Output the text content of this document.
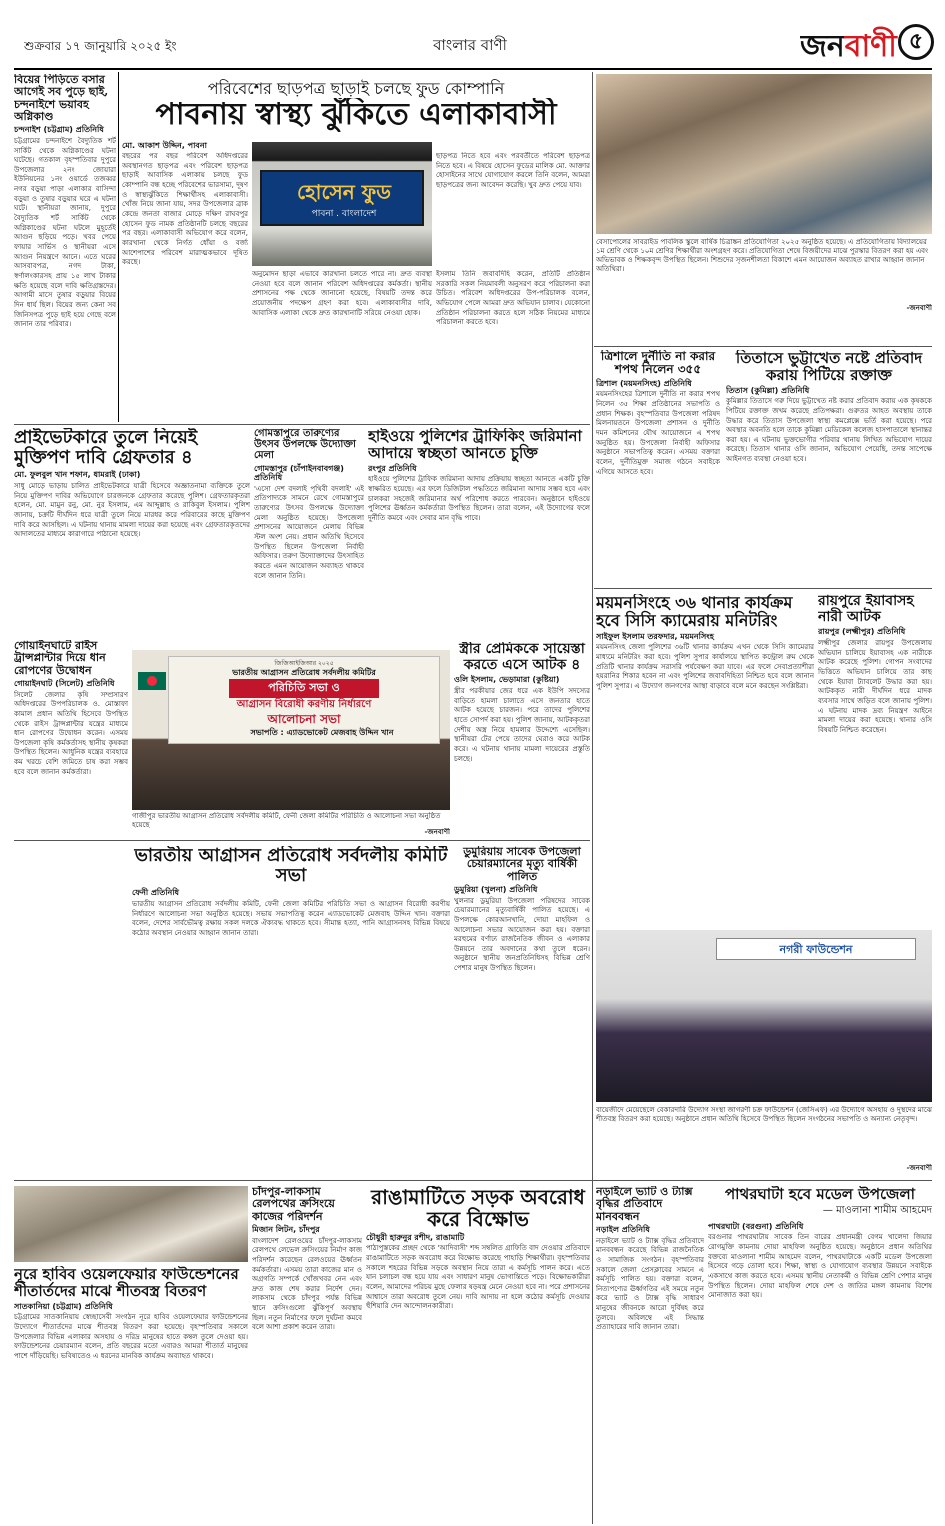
শুক্রবার ১৭ জানুয়ারি ২০২৫ ইং	বাংলার বাণী	জনবাণী ৫
বিয়ের পিঁড়িতে বসার আগেই সব পুড়ে ছাই, চন্দনাইশে ভয়াবহ অগ্নিকাণ্ড
চন্দনাইশ (চট্টগ্রাম) প্রতিনিধি
চট্টগ্রামের চন্দনাইশে বৈদ্যুতিক শর্ট সার্কিট থেকে অগ্নিকাণ্ডের ঘটনা ঘটেছে। গতকাল বৃহস্পতিবার দুপুরে উপজেলার ২নং জোয়ারা ইউনিয়নের ১নং ওয়ার্ডে তজব্বর নগর বড়ুয়া পাড়া এলাকার বাসিন্দা বড়ুয়া ও তুষার বড়ুয়ার ঘরে এ ঘটনা ঘটে। স্থানীয়রা জানায়, দুপুরে বৈদ্যুতিক শর্ট সার্কিট থেকে অগ্নিকাণ্ডের ঘটনা ঘটলে মুহূর্তেই আগুন ছড়িয়ে পড়ে। খবর পেয়ে ফায়ার সার্ভিস ও স্থানীয়রা এসে আগুন নিয়ন্ত্রণে আনে। এতে ঘরের আসবাবপত্র, নগদ টাকা, স্বর্ণালংকারসহ প্রায় ১৫ লাখ টাকার ক্ষতি হয়েছে বলে দাবি ক্ষতিগ্রস্তদের। আগামী মাসে তুষার বড়ুয়ার বিয়ের দিন ধার্য ছিল। বিয়ের জন্য কেনা সব জিনিসপত্র পুড়ে ছাই হয়ে গেছে বলে জানান তার পরিবার।
পরিবেশের ছাড়পত্র ছাড়াই চলছে ফুড কোম্পানি
পাবনায় স্বাস্থ্য ঝুঁকিতে এলাকাবাসী
মো. আকাশ উদ্দিন, পাবনা
বছরের পর বছর পরিবেশ অধিদপ্তরের অবস্থানগত ছাড়পত্র এবং পরিবেশ ছাড়পত্র ছাড়াই আবাসিক এলাকায় চলছে ফুড কোম্পানি বন্ধ হচ্ছে পরিবেশের ভারসাম্য, দূষণ ও স্বাস্থ্যঝুঁকিতে শিক্ষার্থীসহ এলাকাবাসী। খোঁজ নিয়ে জানা যায়, সদর উপজেলার ব্রাক কেন্দ্রে জনতা বাজার মোড়ে দক্ষিণ রাঘবপুর হোসেন ফুড নামক প্রতিষ্ঠানটি চলছে বছরের পর বছর। এলাকাবাসী অভিযোগ করে বলেন, কারখানা থেকে নির্গত ধোঁয়া ও বর্জ্য আশেপাশের পরিবেশ মারাত্মকভাবে দূষিত করছে।
হোসেন ফুড
পাবনা . বাংলাদেশ
ছাড়পত্র নিতে হবে এবং পরবর্তীতে পরিবেশ ছাড়পত্র নিতে হবে। এ বিষয়ে হোসেন ফুডের মালিক মো. আক্তার হোসাইনের সাথে যোগাযোগ করলে তিনি বলেন, আমরা ছাড়পত্রের জন্য আবেদন করেছি। খুব দ্রুত পেয়ে যাব।
অনুমোদন ছাড়া এভাবে কারখানা চলতে পারে না। দ্রুত ব্যবস্থা নেওয়া হবে বলে জানান পরিবেশ অধিদপ্তরের কর্মকর্তা। স্থানীয় প্রশাসনের পক্ষ থেকে জানানো হয়েছে, বিষয়টি তদন্ত করে প্রয়োজনীয় পদক্ষেপ গ্রহণ করা হবে। এলাকাবাসীর দাবি, আবাসিক এলাকা থেকে দ্রুত কারখানাটি সরিয়ে নেওয়া হোক।
ইসলাম তিনি জবাবদিহি করেন, প্রতিটি প্রতিষ্ঠান সরকারি সকল নিয়মাবলী অনুসরণ করে পরিচালনা করা উচিত। পরিবেশ অধিদপ্তরের উপ-পরিচালক বলেন, অভিযোগ পেলে আমরা দ্রুত অভিযান চালাব। যেকোনো প্রতিষ্ঠান পরিচালনা করতে হলে সঠিক নিয়মের মাধ্যমে পরিচালনা করতে হবে।
বেসাপোলের সাবরাইড পাবলিক স্কুলে বার্ষিক চিত্রাঙ্কন প্রতিযোগিতা ২০২৫ অনুষ্ঠিত হয়েছে। এ প্রতিযোগিতায় বিদ্যালয়ের ১ম শ্রেণি থেকে ১০ম শ্রেণির শিক্ষার্থীরা অংশগ্রহণ করে। প্রতিযোগিতা শেষে বিজয়ীদের মাঝে পুরস্কার বিতরণ করা হয় এবং অভিভাবক ও শিক্ষকবৃন্দ উপস্থিত ছিলেন। শিশুদের সৃজনশীলতা বিকাশে এমন আয়োজন অব্যাহত রাখার আহ্বান জানান অতিথিরা।
-জনবাণী
ত্রিশালে দুর্নীতি না করার শপথ নিলেন ৩৫৫
ত্রিশাল (ময়মনসিংহ) প্রতিনিধি
ময়মনসিংহের ত্রিশালে দুর্নীতি না করার শপথ নিলেন ৩৫ শিক্ষা প্রতিষ্ঠানের সভাপতি ও প্রধান শিক্ষক। বৃহস্পতিবার উপজেলা পরিষদ মিলনায়তনে উপজেলা প্রশাসন ও দুর্নীতি দমন কমিশনের যৌথ আয়োজনে এ শপথ অনুষ্ঠিত হয়। উপজেলা নির্বাহী অফিসার অনুষ্ঠানে সভাপতিত্ব করেন। এসময় বক্তারা বলেন, দুর্নীতিমুক্ত সমাজ গঠনে সবাইকে এগিয়ে আসতে হবে।
তিতাসে ভুট্টাখেত নষ্টে প্রতিবাদ করায় পিটিয়ে রক্তাক্ত
তিতাস (কুমিল্লা) প্রতিনিধি
কুমিল্লার তিতাসে গরু দিয়ে ভুট্টাখেত নষ্ট করার প্রতিবাদ করায় এক কৃষককে পিটিয়ে রক্তাক্ত জখম করেছে প্রতিপক্ষরা। গুরুতর আহত অবস্থায় তাকে উদ্ধার করে তিতাস উপজেলা স্বাস্থ্য কমপ্লেক্সে ভর্তি করা হয়েছে। পরে অবস্থার অবনতি হলে তাকে কুমিল্লা মেডিকেল কলেজ হাসপাতালে স্থানান্তর করা হয়। এ ঘটনায় ভুক্তভোগীর পরিবার থানায় লিখিত অভিযোগ দায়ের করেছে। তিতাস থানার ওসি জানান, অভিযোগ পেয়েছি, তদন্ত সাপেক্ষে আইনগত ব্যবস্থা নেওয়া হবে।
প্রাইভেটকারে তুলে নিয়েই মুক্তিপণ দাবি গ্রেফতার ৪
মো. ফুলবুল খান শফান, ধামরাই (ঢাকা)
সাধু মোড়ে ভাড়ায় চালিত প্রাইভেটকারে যাত্রী হিসেবে অজ্ঞাতনামা ব্যক্তিকে তুলে নিয়ে মুক্তিপণ দাবির অভিযোগে চারজনকে গ্রেফতার করেছে পুলিশ। গ্রেফতারকৃতরা হলেন, মো. মামুন রনু, মো. নুর ইসলাম, এম আব্দুল্লাহ ও রাকিবুল ইসলাম। পুলিশ জানায়, চক্রটি দীর্ঘদিন ধরে যাত্রী তুলে নিয়ে মারধর করে পরিবারের কাছে মুক্তিপণ দাবি করে আসছিল। এ ঘটনায় থানায় মামলা দায়ের করা হয়েছে এবং গ্রেফতারকৃতদের আদালতের মাধ্যমে কারাগারে পাঠানো হয়েছে।
গোমস্তাপুরে তারুণ্যের উৎসব উপলক্ষে উদ্যোক্তা মেলা
গোমস্তাপুর (চাঁপাইনবাবগঞ্জ) প্রতিনিধি
'এসো দেশ বদলাই পৃথিবী বদলাই' এই প্রতিপাদ্যকে সামনে রেখে গোমস্তাপুরে তারুণ্যের উৎসব উপলক্ষে উদ্যোক্তা মেলা অনুষ্ঠিত হয়েছে। উপজেলা প্রশাসনের আয়োজনে মেলায় বিভিন্ন স্টল অংশ নেয়। প্রধান অতিথি হিসেবে উপস্থিত ছিলেন উপজেলা নির্বাহী অফিসার। তরুণ উদ্যোক্তাদের উৎসাহিত করতে এমন আয়োজন অব্যাহত থাকবে বলে জানান তিনি।
হাইওয়ে পুলিশের ট্রাফিকিং জরিমানা আদায়ে স্বচ্ছতা আনতে চুক্তি
রংপুর প্রতিনিধি
হাইওয়ে পুলিশের ট্রাফিক জরিমানা আদায় প্রক্রিয়ায় স্বচ্ছতা আনতে একটি চুক্তি স্বাক্ষরিত হয়েছে। এর ফলে ডিজিটাল পদ্ধতিতে জরিমানা আদায় সম্ভব হবে এবং চালকরা সহজেই জরিমানার অর্থ পরিশোধ করতে পারবেন। অনুষ্ঠানে হাইওয়ে পুলিশের ঊর্ধ্বতন কর্মকর্তারা উপস্থিত ছিলেন। তারা বলেন, এই উদ্যোগের ফলে দুর্নীতি কমবে এবং সেবার মান বৃদ্ধি পাবে।
গোয়াইনঘাটে রাইস ট্রান্সপ্লান্টার দিয়ে ধান রোপণের উদ্বোধন
গোয়াইনঘাট (সিলেট) প্রতিনিধি
সিলেট জেলার কৃষি সম্প্রসারণ অধিদপ্তরের উপপরিচালক ও. মোস্তাফা কামাল প্রধান অতিথি হিসেবে উপস্থিত থেকে রাইস ট্রান্সপ্লান্টার যন্ত্রের মাধ্যমে ধান রোপণের উদ্বোধন করেন। এসময় উপজেলা কৃষি কর্মকর্তাসহ স্থানীয় কৃষকরা উপস্থিত ছিলেন। আধুনিক যন্ত্রের ব্যবহারে কম খরচে বেশি জমিতে চাষ করা সম্ভব হবে বলে জানান কর্মকর্তারা।
জিজিআইজিআর ২০২৫
ভারতীয় আগ্রাসন প্রতিরোধ সর্বদলীয় কমিটির
পরিচিতি সভা ও
আগ্রাসন বিরোধী করণীয় নির্ধারণে
আলোচনা সভা
সভাপতি : এ্যাডভোকেট মেজবাহ উদ্দিন খান
গাজীপুর ভারতীয় আগ্রাসন প্রতিরোধ সর্বদলীয় কমিটি, ফেনী জেলা কমিটির পরিচিতি ও আলোচনা সভা অনুষ্ঠিত হয়েছে
-জনবাণী
স্ত্রীর প্রেমিককে সায়েস্তা করতে এসে আটক ৪
ওলি ইসলাম, ভেড়ামারা (কুষ্টিয়া)
স্ত্রীর পরকীয়ার জের ধরে এক ইউপি সদস্যের বাড়িতে হামলা চালাতে এসে জনতার হাতে আটক হয়েছে চারজন। পরে তাদের পুলিশের হাতে সোপর্দ করা হয়। পুলিশ জানায়, আটককৃতরা দেশীয় অস্ত্র নিয়ে হামলার উদ্দেশ্যে এসেছিল। স্থানীয়রা টের পেয়ে তাদের ঘেরাও করে আটক করে। এ ঘটনায় থানায় মামলা দায়েরের প্রস্তুতি চলছে।
ময়মনসিংহে ৩৬ থানার কার্যক্রম হবে সিসি ক্যামেরায় মনিটরিং
সাইফুল ইসলাম তরফদার, ময়মনসিংহ
ময়মনসিংহ জেলা পুলিশের ৩৬টি থানার কার্যক্রম এখন থেকে সিসি ক্যামেরার মাধ্যমে মনিটরিং করা হবে। পুলিশ সুপার কার্যালয়ে স্থাপিত কন্ট্রোল রুম থেকে প্রতিটি থানার কার্যক্রম সরাসরি পর্যবেক্ষণ করা যাবে। এর ফলে সেবাপ্রত্যাশীরা হয়রানির শিকার হবেন না এবং পুলিশের জবাবদিহিতা নিশ্চিত হবে বলে জানান পুলিশ সুপার। এ উদ্যোগ জনগণের আস্থা বাড়াবে বলে মনে করছেন সংশ্লিষ্টরা।
রায়পুরে ইয়াবাসহ নারী আটক
রায়পুর (লক্ষ্মীপুর) প্রতিনিধি
লক্ষ্মীপুর জেলার রায়পুর উপজেলায় অভিযান চালিয়ে ইয়াবাসহ এক নারীকে আটক করেছে পুলিশ। গোপন সংবাদের ভিত্তিতে অভিযান চালিয়ে তার কাছ থেকে ইয়াবা ট্যাবলেট উদ্ধার করা হয়। আটককৃত নারী দীর্ঘদিন ধরে মাদক ব্যবসার সাথে জড়িত বলে জানায় পুলিশ। এ ঘটনায় মাদক দ্রব্য নিয়ন্ত্রণ আইনে মামলা দায়ের করা হয়েছে। থানার ওসি বিষয়টি নিশ্চিত করেছেন।
ভারতীয় আগ্রাসন প্রতিরোধ সর্বদলীয় কমিটি সভা
ফেনী প্রতিনিধি
ভারতীয় আগ্রাসন প্রতিরোধ সর্বদলীয় কমিটি, ফেনী জেলা কমিটির পরিচিতি সভা ও আগ্রাসন বিরোধী করণীয় নির্ধারণে আলোচনা সভা অনুষ্ঠিত হয়েছে। সভায় সভাপতিত্ব করেন এ্যাডভোকেট মেজবাহ উদ্দিন খান। বক্তারা বলেন, দেশের সার্বভৌমত্ব রক্ষায় সকল দলকে ঐক্যবদ্ধ থাকতে হবে। সীমান্ত হত্যা, পানি আগ্রাসনসহ বিভিন্ন বিষয়ে কঠোর অবস্থান নেওয়ার আহ্বান জানান তারা।
ডুমুরিয়ায় সাবেক উপজেলা চেয়ারম্যানের মৃত্যু বার্ষিকী পালিত
ডুমুরিয়া (খুলনা) প্রতিনিধি
খুলনার ডুমুরিয়া উপজেলা পরিষদের সাবেক চেয়ারম্যানের মৃত্যুবার্ষিকী পালিত হয়েছে। এ উপলক্ষে কোরআনখানি, দোয়া মাহফিল ও আলোচনা সভার আয়োজন করা হয়। বক্তারা মরহুমের বর্ণাঢ্য রাজনৈতিক জীবন ও এলাকার উন্নয়নে তার অবদানের কথা তুলে ধরেন। অনুষ্ঠানে স্থানীয় জনপ্রতিনিধিসহ বিভিন্ন শ্রেণি পেশার মানুষ উপস্থিত ছিলেন।
নগরী ফাউন্ডেশন
বায়েজীদে মেয়েছেলে বেকারদারি উদ্যোগ সংস্থা জাগরণী চক্র ফাউন্ডেশন (জেসিএফ) এর উদ্যোগে অসহায় ও দুস্থদের মাঝে শীতবস্ত্র বিতরণ করা হয়েছে। অনুষ্ঠানে প্রধান অতিথি হিসেবে উপস্থিত ছিলেন সংগঠনের সভাপতি ও অন্যান্য নেতৃবৃন্দ।
-জনবাণী
নূরে হাবিব ওয়েলফেয়ার ফাউন্ডেশনের শীতার্তদের মাঝে শীতবস্ত্র বিতরণ
সাতকানিয়া (চট্টগ্রাম) প্রতিনিধি
চট্টগ্রামের সাতকানিয়ায় স্বেচ্ছাসেবী সংগঠন নূরে হাবিব ওয়েলফেয়ার ফাউন্ডেশনের উদ্যোগে শীতার্তদের মাঝে শীতবস্ত্র বিতরণ করা হয়েছে। বৃহস্পতিবার সকালে উপজেলার বিভিন্ন এলাকার অসহায় ও দরিদ্র মানুষের হাতে কম্বল তুলে দেওয়া হয়। ফাউন্ডেশনের চেয়ারম্যান বলেন, প্রতি বছরের মতো এবারও আমরা শীতার্ত মানুষের পাশে দাঁড়িয়েছি। ভবিষ্যতেও এ ধরনের মানবিক কার্যক্রম অব্যাহত থাকবে।
চাঁদপুর-লাকসাম রেলপথের ক্রসিংয়ে কাজের পরিদর্শন
মিজান লিটন, চাঁদপুর
বাংলাদেশ রেলওয়ের চাঁদপুর-লাকসাম রেলপথে লেভেল ক্রসিংয়ের নির্মাণ কাজ পরিদর্শন করেছেন রেলওয়ের ঊর্ধ্বতন কর্মকর্তারা। এসময় তারা কাজের মান ও অগ্রগতি সম্পর্কে খোঁজখবর নেন এবং দ্রুত কাজ শেষ করার নির্দেশ দেন। লাকসাম থেকে চাঁদপুর পর্যন্ত বিভিন্ন স্থানে ক্রসিংগুলো ঝুঁকিপূর্ণ অবস্থায় ছিল। নতুন নির্মাণের ফলে দুর্ঘটনা কমবে বলে আশা প্রকাশ করেন তারা।
রাঙামাটিতে সড়ক অবরোধ করে বিক্ষোভ
চৌধুরী হারুনুর রশীদ, রাঙামাটি
পাঠ্যপুস্তকের প্রচ্ছদ থেকে 'আদিবাসী' শব্দ সম্বলিত গ্রাফিতি বাদ দেওয়ার প্রতিবাদে রাঙামাটিতে সড়ক অবরোধ করে বিক্ষোভ করেছে পাহাড়ি শিক্ষার্থীরা। বৃহস্পতিবার সকালে শহরের বিভিন্ন সড়কে অবস্থান নিয়ে তারা এ কর্মসূচি পালন করে। এতে যান চলাচল বন্ধ হয়ে যায় এবং সাধারণ মানুষ ভোগান্তিতে পড়ে। বিক্ষোভকারীরা বলেন, আমাদের পরিচয় মুছে ফেলার ষড়যন্ত্র মেনে নেওয়া হবে না। পরে প্রশাসনের আশ্বাসে তারা অবরোধ তুলে নেয়। দাবি আদায় না হলে কঠোর কর্মসূচি দেওয়ার হুঁশিয়ারি দেন আন্দোলনকারীরা।
নড়াইলে ভ্যাট ও ট্যাক্স বৃদ্ধির প্রতিবাদে মানববন্ধন
নড়াইল প্রতিনিধি
নড়াইলে ভ্যাট ও ট্যাক্স বৃদ্ধির প্রতিবাদে মানববন্ধন করেছে বিভিন্ন রাজনৈতিক ও সামাজিক সংগঠন। বৃহস্পতিবার সকালে জেলা প্রেসক্লাবের সামনে এ কর্মসূচি পালিত হয়। বক্তারা বলেন, নিত্যপণ্যের ঊর্ধ্বগতির এই সময়ে নতুন করে ভ্যাট ও ট্যাক্স বৃদ্ধি সাধারণ মানুষের জীবনকে আরো দুর্বিষহ করে তুলবে। অবিলম্বে এই সিদ্ধান্ত প্রত্যাহারের দাবি জানান তারা।
পাথরঘাটা হবে মডেল উপজেলা
— মাওলানা শামীম আহমেদ
পাথরঘাটা (বরগুনা) প্রতিনিধি
বরগুনার পাথরঘাটায় সাবেক তিন বারের প্রধানমন্ত্রী বেগম খালেদা জিয়ার রোগমুক্তি কামনায় দোয়া মাহফিল অনুষ্ঠিত হয়েছে। অনুষ্ঠানে প্রধান অতিথির বক্তব্যে মাওলানা শামীম আহমেদ বলেন, পাথরঘাটাকে একটি মডেল উপজেলা হিসেবে গড়ে তোলা হবে। শিক্ষা, স্বাস্থ্য ও যোগাযোগ ব্যবস্থার উন্নয়নে সবাইকে একসাথে কাজ করতে হবে। এসময় স্থানীয় নেতাকর্মী ও বিভিন্ন শ্রেণি পেশার মানুষ উপস্থিত ছিলেন। দোয়া মাহফিল শেষে দেশ ও জাতির মঙ্গল কামনায় বিশেষ মোনাজাত করা হয়।
